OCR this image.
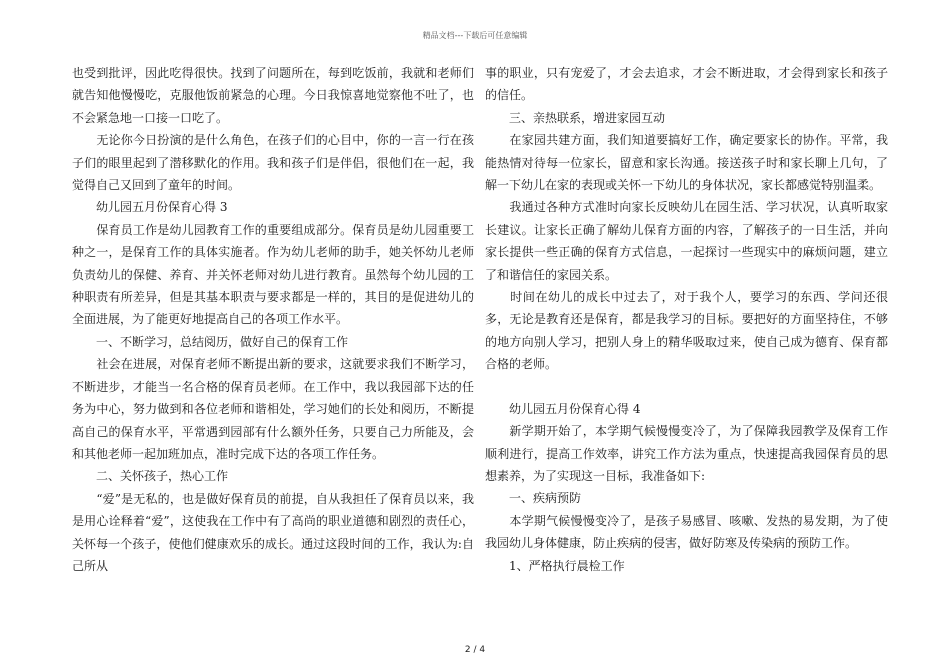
精品文档---下载后可任意编辑

也受到批评，因此吃得很快。找到了问题所在，每到吃饭前，我就和老师们就告知他慢慢吃，克服他饭前紧急的心理。今日我惊喜地觉察他不吐了，也不会紧急地一口接一口吃了。

　　无论你今日扮演的是什么角色，在孩子们的心目中，你的一言一行在孩子们的眼里起到了潜移默化的作用。我和孩子们是伴侣，很他们在一起，我觉得自己又回到了童年的时间。

　　幼儿园五月份保育心得 3

　　保育员工作是幼儿园教育工作的重要组成部分。保育员是幼儿园重要工种之一，是保育工作的具体实施者。作为幼儿老师的助手，她关怀幼儿老师负责幼儿的保健、养育、并关怀老师对幼儿进行教育。虽然每个幼儿园的工种职责有所差异，但是其基本职责与要求都是一样的，其目的是促进幼儿的全面进展，为了能更好地提高自己的各项工作水平。

　　一、不断学习，总结阅历，做好自己的保育工作

　　社会在进展，对保育老师不断提出新的要求，这就要求我们不断学习，不断进步，才能当一名合格的保育员老师。在工作中，我以我园部下达的任务为中心，努力做到和各位老师和谐相处，学习她们的长处和阅历，不断提高自己的保育水平，平常遇到园部有什么额外任务，只要自己力所能及，会和其他老师一起加班加点，准时完成下达的各项工作任务。

　　二、关怀孩子，热心工作

　　“爱”是无私的，也是做好保育员的前提，自从我担任了保育员以来，我是用心诠释着“爱”，这使我在工作中有了高尚的职业道德和剧烈的责任心，关怀每一个孩子，使他们健康欢乐的成长。通过这段时间的工作，我认为:自己所从

事的职业，只有宠爱了，才会去追求，才会不断进取，才会得到家长和孩子的信任。

　　三、亲热联系，增进家园互动

　　在家园共建方面，我们知道要搞好工作，确定要家长的协作。平常，我能热情对待每一位家长，留意和家长沟通。接送孩子时和家长聊上几句，了解一下幼儿在家的表现或关怀一下幼儿的身体状况，家长都感觉特别温柔。

　　我通过各种方式准时向家长反映幼儿在园生活、学习状况，认真听取家长建议。让家长正确了解幼儿保育方面的内容，了解孩子的一日生活，并向家长提供一些正确的保育方式信息，一起探讨一些现实中的麻烦问题，建立了和谐信任的家园关系。

　　时间在幼儿的成长中过去了，对于我个人，要学习的东西、学问还很多，无论是教育还是保育，都是我学习的目标。要把好的方面坚持住，不够的地方向别人学习，把别人身上的精华吸取过来，使自己成为德育、保育都合格的老师。

　　幼儿园五月份保育心得 4

　　新学期开始了，本学期气候慢慢变冷了，为了保障我园教学及保育工作顺利进行，提高工作效率，讲究工作方法为重点，快速提高我园保育员的思想素养，为了实现这一目标，我准备如下:

　　一、疾病预防

　　本学期气候慢慢变冷了，是孩子易感冒、咳嗽、发热的易发期，为了使我园幼儿身体健康，防止疾病的侵害，做好防寒及传染病的预防工作。

　　1、严格执行晨检工作

2 / 4
